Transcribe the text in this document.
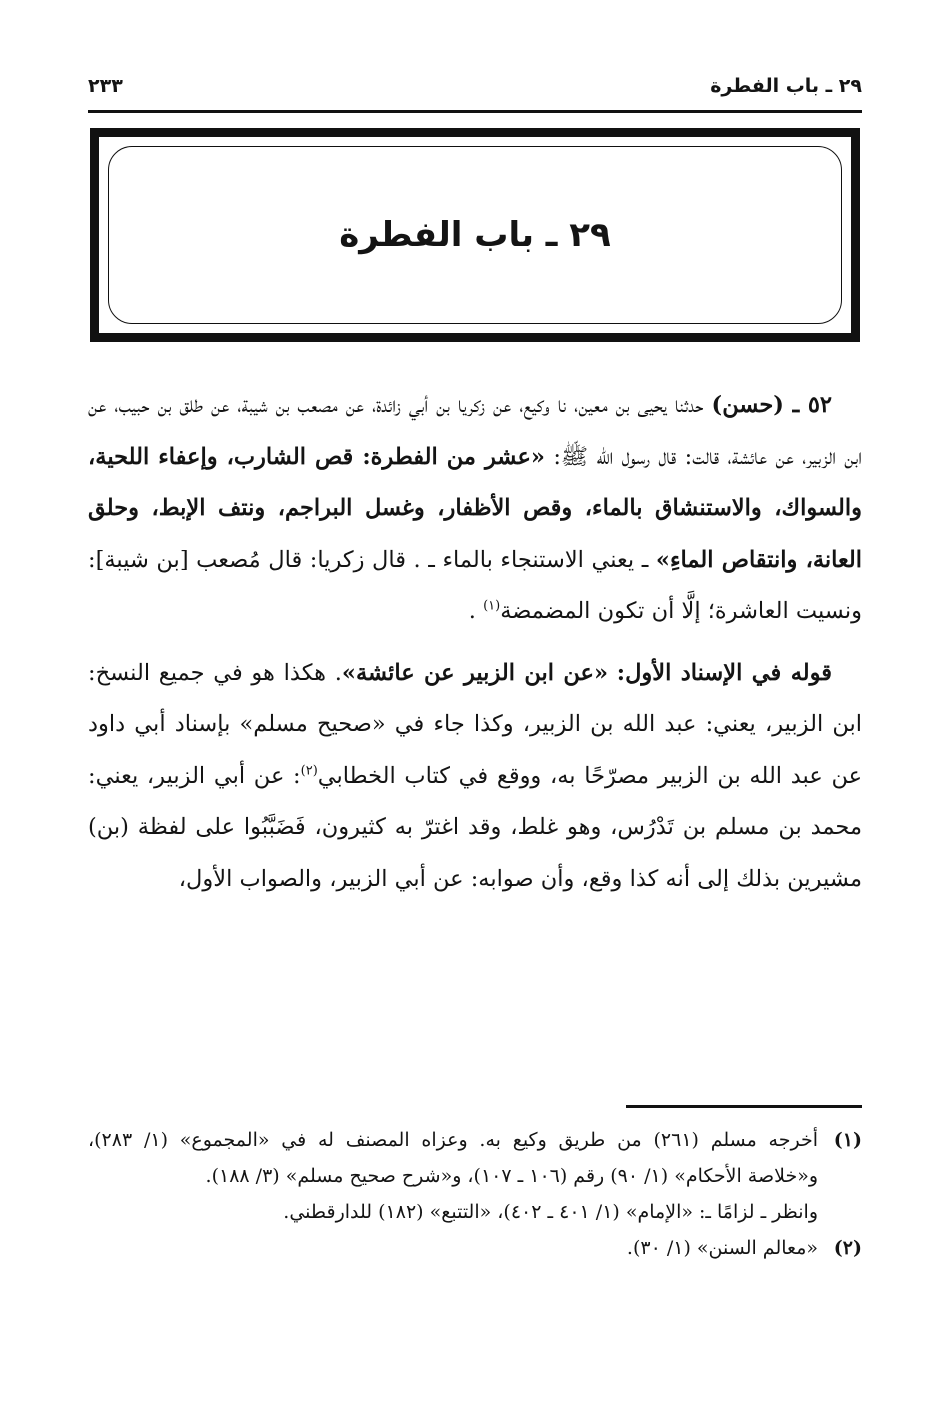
٢٩ ـ باب الفطرة
٢٣٣
٢٩ ـ باب الفطرة

٥٢ ـ (حسن) حدثنا يحيى بن معين، نا وكيع، عن زكريا بن أبي زائدة، عن مصعب بن شيبة، عن طلق بن حبيب، عن ابن الزبير، عن عائشة، قالت: قال رسول الله ﷺ: «عشر من الفطرة: قص الشارب، وإعفاء اللحية، والسواك، والاستنشاق بالماء، وقص الأظفار، وغسل البراجم، ونتف الإبط، وحلق العانة، وانتقاص الماءِ» ـ يعني الاستنجاء بالماء ـ . قال زكريا: قال مُصعب [بن شيبة]: ونسيت العاشرة؛ إلَّا أن تكون المضمضة$^{(١)}$ .

قوله في الإسناد الأول: «عن ابن الزبير عن عائشة». هكذا هو في جميع النسخ: ابن الزبير، يعني: عبد الله بن الزبير، وكذا جاء في «صحيح مسلم» بإسناد أبي داود عن عبد الله بن الزبير مصرّحًا به، ووقع في كتاب الخطابي$^{(٢)}$: عن أبي الزبير، يعني: محمد بن مسلم بن تَدْرُس، وهو غلط، وقد اغترّ به كثيرون، فَضَبَّبُوا على لفظة (بن) مشيرين بذلك إلى أنه كذا وقع، وأن صوابه: عن أبي الزبير، والصواب الأول،

(١)

أخرجه مسلم (٢٦١) من طريق وكيع به. وعزاه المصنف له في «المجموع» (١/ ٢٨٣)، و«خلاصة الأحكام» (١/ ٩٠) رقم (١٠٦ ـ ١٠٧)، و«شرح صحيح مسلم» (٣/ ١٨٨).

وانظر ـ لزامًا ـ: «الإمام» (١/ ٤٠١ ـ ٤٠٢)، «التتبع» (١٨٢) للدارقطني.

(٢)

«معالم السنن» (١/ ٣٠).
